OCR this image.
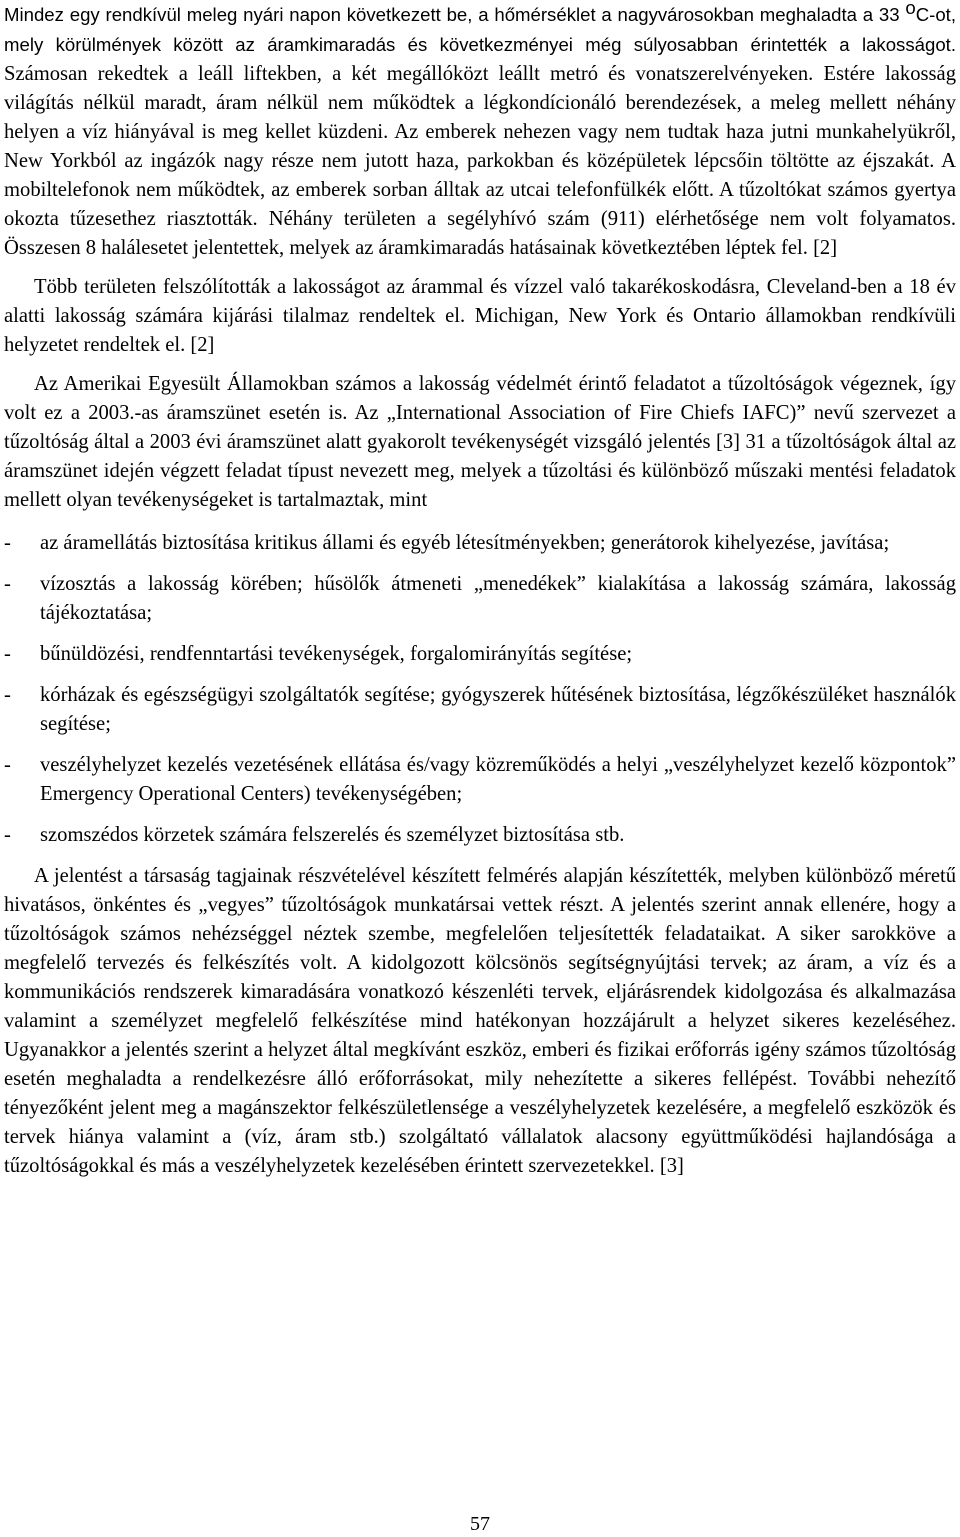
Mindez egy rendkívül meleg nyári napon következett be, a hőmérséklet a nagyvárosokban meghaladta a 33 $^o$C-ot, mely körülmények között az áramkimaradás és következményei még súlyosabban érintették a lakosságot. Számosan rekedtek a leáll liftekben, a két megállóközt leállt metró és vonatszerelvényeken. Estére lakosság világítás nélkül maradt, áram nélkül nem működtek a légkondícionáló berendezések, a meleg mellett néhány helyen a víz hiányával is meg kellet küzdeni. Az emberek nehezen vagy nem tudtak haza jutni munkahelyükről, New Yorkból az ingázók nagy része nem jutott haza, parkokban és középületek lépcsőin töltötte az éjszakát. A mobiltelefonok nem működtek, az emberek sorban álltak az utcai telefonfülkék előtt. A tűzoltókat számos gyertya okozta tűzesethez riasztották. Néhány területen a segélyhívó szám (911) elérhetősége nem volt folyamatos. Összesen 8 halálesetet jelentettek, melyek az áramkimaradás hatásainak következtében léptek fel. [2]

Több területen felszólították a lakosságot az árammal és vízzel való takarékoskodásra, Cleveland-ben a 18 év alatti lakosság számára kijárási tilalmaz rendeltek el. Michigan, New York és Ontario államokban rendkívüli helyzetet rendeltek el. [2]

Az Amerikai Egyesült Államokban számos a lakosság védelmét érintő feladatot a tűzoltóságok végeznek, így volt ez a 2003.-as áramszünet esetén is. Az „International Association of Fire Chiefs IAFC)” nevű szervezet a tűzoltóság által a 2003 évi áramszünet alatt gyakorolt tevékenységét vizsgáló jelentés [3] 31 a tűzoltóságok által az áramszünet idején végzett feladat típust nevezett meg, melyek a tűzoltási és különböző műszaki mentési feladatok mellett olyan tevékenységeket is tartalmaztak, mint

- az áramellátás biztosítása kritikus állami és egyéb létesítményekben; generátorok kihelyezése, javítása;
- vízosztás a lakosság körében; hűsölők átmeneti „menedékek” kialakítása a lakosság számára, lakosság tájékoztatása;
- bűnüldözési, rendfenntartási tevékenységek, forgalomirányítás segítése;
- kórházak és egészségügyi szolgáltatók segítése; gyógyszerek hűtésének biztosítása, légzőkészüléket használók segítése;
- veszélyhelyzet kezelés vezetésének ellátása és/vagy közreműködés a helyi „veszélyhelyzet kezelő központok” Emergency Operational Centers) tevékenységében;
- szomszédos körzetek számára felszerelés és személyzet biztosítása stb.

A jelentést a társaság tagjainak részvételével készített felmérés alapján készítették, melyben különböző méretű hivatásos, önkéntes és „vegyes” tűzoltóságok munkatársai vettek részt. A jelentés szerint annak ellenére, hogy a tűzoltóságok számos nehézséggel néztek szembe, megfelelően teljesítették feladataikat. A siker sarokköve a megfelelő tervezés és felkészítés volt. A kidolgozott kölcsönös segítségnyújtási tervek; az áram, a víz és a kommunikációs rendszerek kimaradására vonatkozó készenléti tervek, eljárásrendek kidolgozása és alkalmazása valamint a személyzet megfelelő felkészítése mind hatékonyan hozzájárult a helyzet sikeres kezeléséhez. Ugyanakkor a jelentés szerint a helyzet által megkívánt eszköz, emberi és fizikai erőforrás igény számos tűzoltóság esetén meghaladta a rendelkezésre álló erőforrásokat, mily nehezítette a sikeres fellépést. További nehezítő tényezőként jelent meg a magánszektor felkészületlensége a veszélyhelyzetek kezelésére, a megfelelő eszközök és tervek hiánya valamint a (víz, áram stb.) szolgáltató vállalatok alacsony együttműködési hajlandósága a tűzoltóságokkal és más a veszélyhelyzetek kezelésében érintett szervezetekkel. [3]

57
